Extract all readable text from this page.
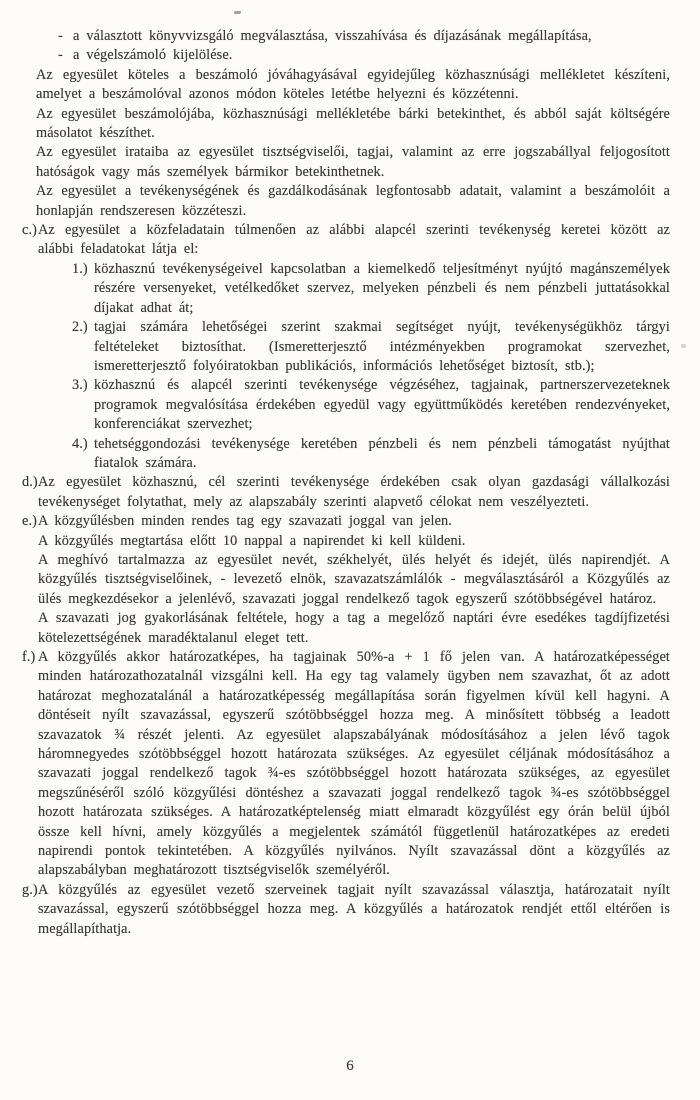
- a választott könyvvizsgáló megválasztása, visszahívása és díjazásának megállapítása,
- a végelszámoló kijelölése.
Az egyesület köteles a beszámoló jóváhagyásával egyidejűleg közhasznúsági mellékletet készíteni, amelyet a beszámolóval azonos módon köteles letétbe helyezni és közzétenni.
Az egyesület beszámolójába, közhasznúsági mellékletébe bárki betekinthet, és abból saját költségére másolatot készíthet.
Az egyesület irataiba az egyesület tisztségviselői, tagjai, valamint az erre jogszabállyal feljogosított hatóságok vagy más személyek bármikor betekinthetnek.
Az egyesület a tevékenységének és gazdálkodásának legfontosabb adatait, valamint a beszámolóit a honlapján rendszeresen közzéteszi.
c.) Az egyesület a közfeladatain túlmenően az alábbi alapcél szerinti tevékenység keretei között az alábbi feladatokat látja el:
1.) közhasznú tevékenységeivel kapcsolatban a kiemelkedő teljesítményt nyújtó magánszemélyek részére versenyeket, vetélkedőket szervez, melyeken pénzbeli és nem pénzbeli juttatásokkal díjakat adhat át;
2.) tagjai számára lehetőségei szerint szakmai segítséget nyújt, tevékenységükhöz tárgyi feltételeket biztosíthat. (Ismeretterjesztő intézményekben programokat szervezhet, ismeretterjesztő folyóiratokban publikációs, információs lehetőséget biztosít, stb.);
3.) közhasznú és alapcél szerinti tevékenysége végzéséhez, tagjainak, partnerszervezeteknek programok megvalósítása érdekében egyedül vagy együttműködés keretében rendezvényeket, konferenciákat szervezhet;
4.) tehetséggondozási tevékenysége keretében pénzbeli és nem pénzbeli támogatást nyújthat fiatalok számára.
d.) Az egyesület közhasznú, cél szerinti tevékenysége érdekében csak olyan gazdasági vállalkozási tevékenységet folytathat, mely az alapszabály szerinti alapvető célokat nem veszélyezteti.
e.) A közgyűlésben minden rendes tag egy szavazati joggal van jelen.
A közgyűlés megtartása előtt 10 nappal a napirendet ki kell küldeni.
A meghívó tartalmazza az egyesület nevét, székhelyét, ülés helyét és idejét, ülés napirendjét. A közgyűlés tisztségviselőinek, - levezető elnök, szavazatszámlálók - megválasztásáról a Közgyűlés az ülés megkezdésekor a jelenlévő, szavazati joggal rendelkező tagok egyszerű szótöbbségével határoz.
A szavazati jog gyakorlásának feltétele, hogy a tag a megelőző naptári évre esedékes tagdíjfizetési kötelezettségének maradéktalanul eleget tett.
f.) A közgyűlés akkor határozatképes, ha tagjainak 50%-a + 1 fő jelen van. A határozatképességet minden határozathozatalnál vizsgálni kell. Ha egy tag valamely ügyben nem szavazhat, őt az adott határozat meghozatalánál a határozatképesség megállapítása során figyelmen kívül kell hagyni. A döntéseit nyílt szavazással, egyszerű szótöbbséggel hozza meg. A minősített többség a leadott szavazatok ¾ részét jelenti. Az egyesület alapszabályának módosításához a jelen lévő tagok háromnegyedes szótöbbséggel hozott határozata szükséges. Az egyesület céljának módosításához a szavazati joggal rendelkező tagok ¾-es szótöbbséggel hozott határozata szükséges, az egyesület megszűnéséről szóló közgyűlési döntéshez a szavazati joggal rendelkező tagok ¾-es szótöbbséggel hozott határozata szükséges. A határozatképtelenség miatt elmaradt közgyűlést egy órán belül újból össze kell hívni, amely közgyűlés a megjelentek számától függetlenül határozatképes az eredeti napirendi pontok tekintetében. A közgyűlés nyilvános. Nyílt szavazással dönt a közgyűlés az alapszabályban meghatározott tisztségviselők személyéről.
g.) A közgyűlés az egyesület vezető szerveinek tagjait nyílt szavazással választja, határozatait nyílt szavazással, egyszerű szótöbbséggel hozza meg. A közgyűlés a határozatok rendjét ettől eltérően is megállapíthatja.
6
